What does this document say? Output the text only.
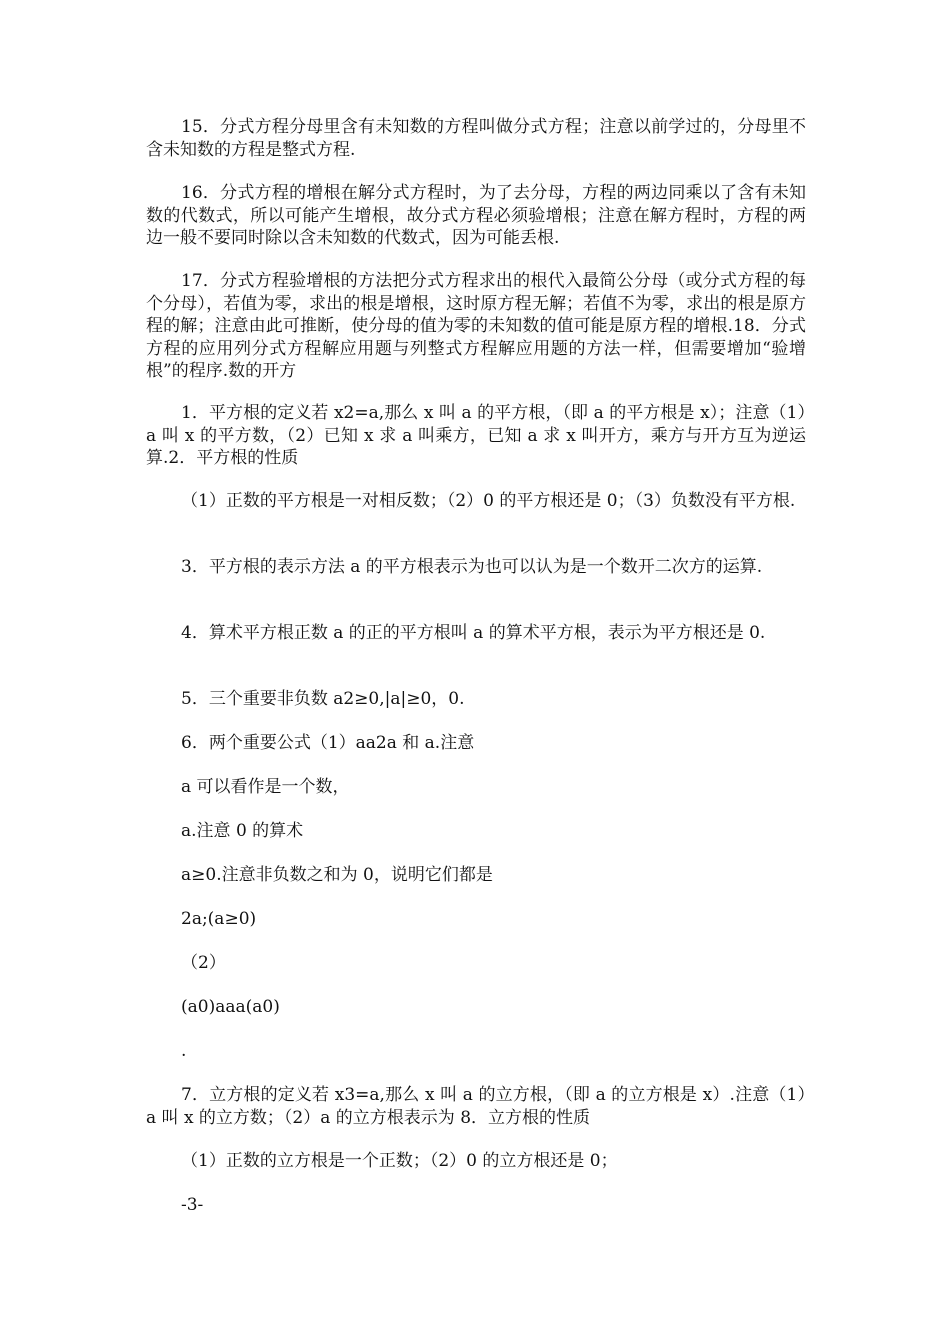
15．分式方程分母里含有未知数的方程叫做分式方程；注意以前学过的，分母里不含未知数的方程是整式方程.

16．分式方程的增根在解分式方程时，为了去分母，方程的两边同乘以了含有未知数的代数式，所以可能产生增根，故分式方程必须验增根；注意在解方程时，方程的两边一般不要同时除以含未知数的代数式，因为可能丢根.

17．分式方程验增根的方法把分式方程求出的根代入最简公分母（或分式方程的每个分母），若值为零，求出的根是增根，这时原方程无解；若值不为零，求出的根是原方程的解；注意由此可推断，使分母的值为零的未知数的值可能是原方程的增根.18．分式方程的应用列分式方程解应用题与列整式方程解应用题的方法一样，但需要增加“验增根”的程序.数的开方

1．平方根的定义若 x2=a,那么 x 叫 a 的平方根，（即 a 的平方根是 x）；注意（1）a 叫 x 的平方数，（2）已知 x 求 a 叫乘方，已知 a 求 x 叫开方，乘方与开方互为逆运算.2．平方根的性质

（1）正数的平方根是一对相反数；（2）0 的平方根还是 0；（3）负数没有平方根.

3．平方根的表示方法 a 的平方根表示为也可以认为是一个数开二次方的运算.

4．算术平方根正数 a 的正的平方根叫 a 的算术平方根，表示为平方根还是 0.

5．三个重要非负数 a2≥0,|a|≥0，0.

6．两个重要公式（1）aa2a 和 a.注意

a 可以看作是一个数，

a.注意 0 的算术

a≥0.注意非负数之和为 0，说明它们都是

2a;(a≥0)

（2）

(a0)aaa(a0)

.

7．立方根的定义若 x3=a,那么 x 叫 a 的立方根，（即 a 的立方根是 x）.注意（1）a 叫 x 的立方数；（2）a 的立方根表示为 8．立方根的性质

（1）正数的立方根是一个正数；（2）0 的立方根还是 0；

-3-
